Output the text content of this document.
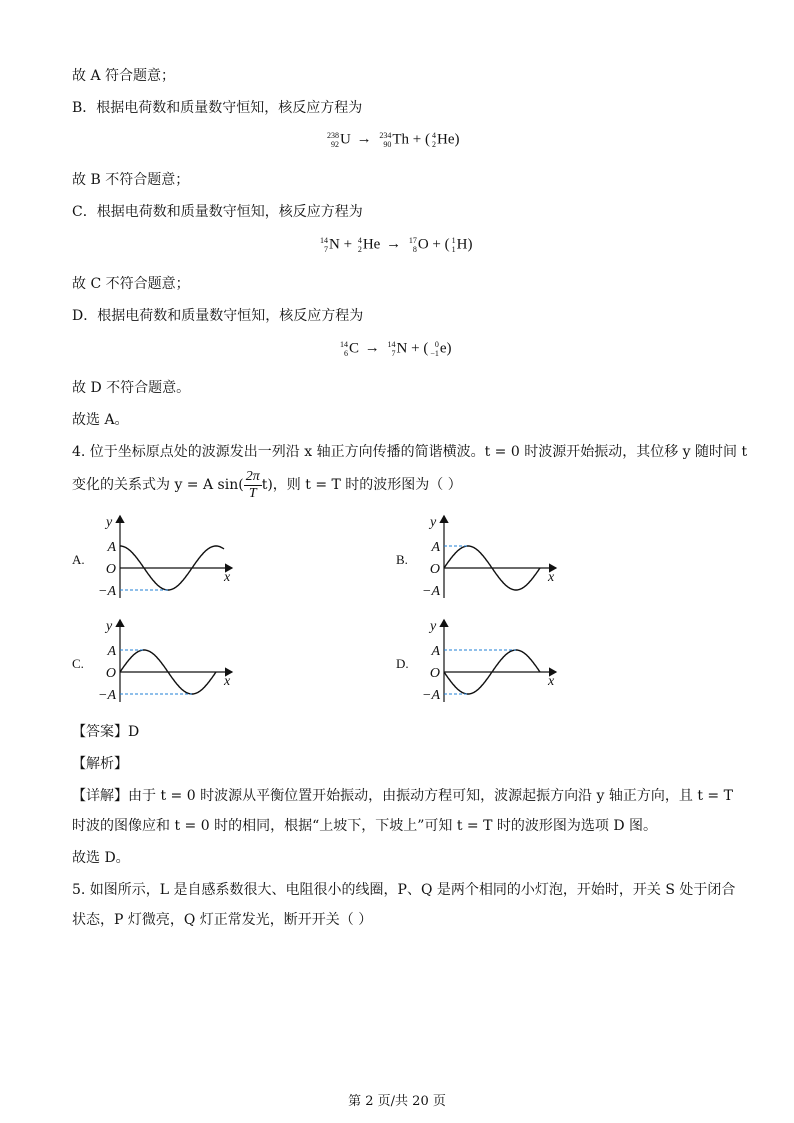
故 A 符合题意；
B．根据电荷数和质量数守恒知，核反应方程为
238
92 U → 234
90 Th + ( 4
2 He)
故 B 不符合题意；
C．根据电荷数和质量数守恒知，核反应方程为
14
7 N + 4
2 He → 17
8 O + ( 1
1 H)
故 C 不符合题意；
D．根据电荷数和质量数守恒知，核反应方程为
14
6 C → 14
7 N + ( 0
−1 e)
故 D 不符合题意。
故选 A。
4. 位于坐标原点处的波源发出一列沿 x 轴正方向传播的简谐横波。t = 0 时波源开始振动，其位移 y 随时间 t
变化的关系式为 y = A $\sin( \frac{2\pi}{T} t)$，则 t = T 时的波形图为（ ）
A.	B.
C.	D.
y
x
A
O
−A
y
x
A
O
−A
y
x
A
O
−A
y
x
A
O
−A
【答案】D
【解析】
【详解】由于 t = 0 时波源从平衡位置开始振动，由振动方程可知，波源起振方向沿 y 轴正方向，且 t = T
时波的图像应和 t = 0 时的相同，根据“上坡下，下坡上”可知 t = T 时的波形图为选项 D 图。
故选 D。
5. 如图所示，L 是自感系数很大、电阻很小的线圈，P、Q 是两个相同的小灯泡，开始时，开关 S 处于闭合
状态，P 灯微亮，Q 灯正常发光，断开开关（ ）
第 2 页/共 20 页
